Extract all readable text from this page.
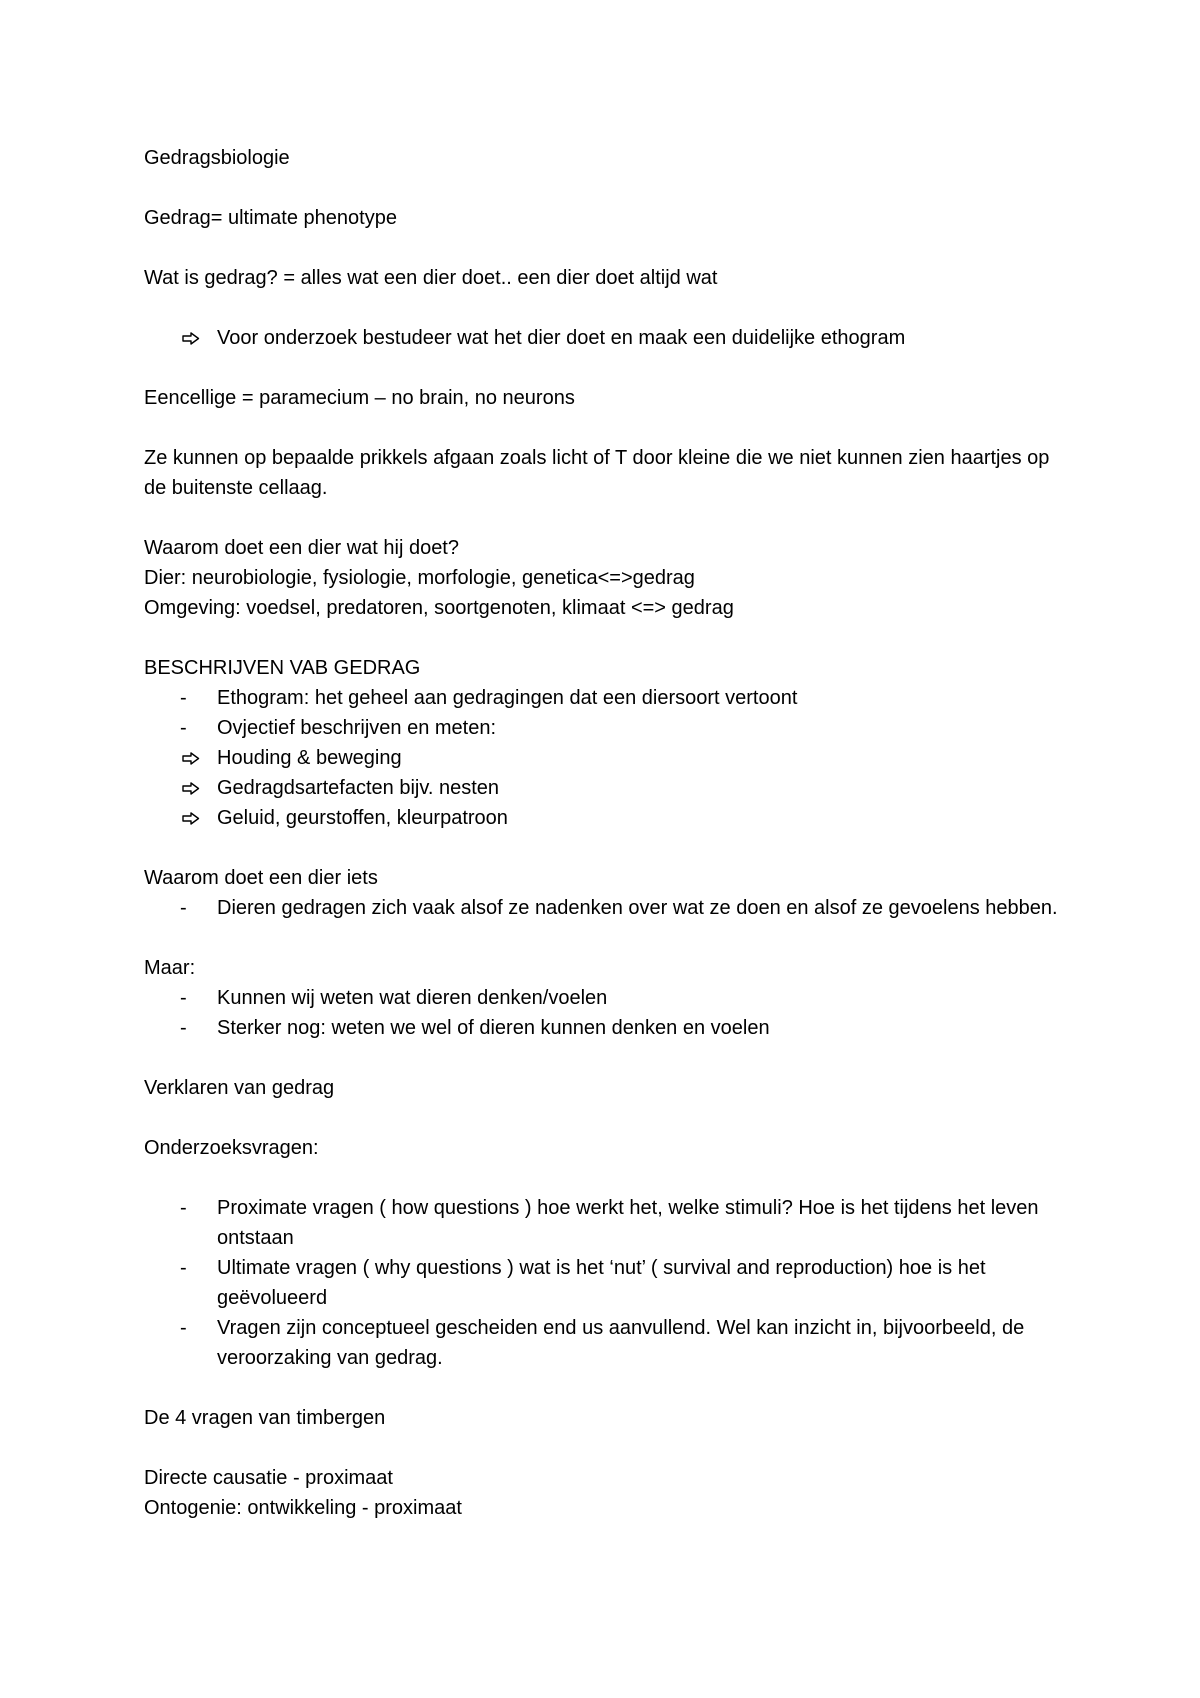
Gedragsbiologie

Gedrag= ultimate phenotype

Wat is gedrag? = alles wat een dier doet.. een dier doet altijd wat

Voor onderzoek bestudeer wat het dier doet en maak een duidelijke ethogram

Eencellige = paramecium – no brain, no neurons

Ze kunnen op bepaalde prikkels afgaan zoals licht of T door kleine die we niet kunnen zien haartjes op de buitenste cellaag.

Waarom doet een dier wat hij doet?

Dier: neurobiologie, fysiologie, morfologie, genetica<=>gedrag

Omgeving: voedsel, predatoren, soortgenoten, klimaat <=> gedrag

BESCHRIJVEN VAB GEDRAG

-	Ethogram: het geheel aan gedragingen dat een diersoort vertoont
-	Ovjectief beschrijven en meten:
Houding & beweging
Gedragdsartefacten bijv. nesten
Geluid, geurstoffen, kleurpatroon

Waarom doet een dier iets

-	Dieren gedragen zich vaak alsof ze nadenken over wat ze doen en alsof ze gevoelens hebben.

Maar:

-	Kunnen wij weten wat dieren denken/voelen
-	Sterker nog: weten we wel of dieren kunnen denken en voelen

Verklaren van gedrag

Onderzoeksvragen:

-	Proximate vragen ( how questions ) hoe werkt het, welke stimuli? Hoe is het tijdens het leven ontstaan
-	Ultimate vragen ( why questions ) wat is het ‘nut’ ( survival and reproduction) hoe is het geëvolueerd
-	Vragen zijn conceptueel gescheiden end us aanvullend. Wel kan inzicht in, bijvoorbeeld, de veroorzaking van gedrag.

De 4 vragen van timbergen

Directe causatie - proximaat

Ontogenie: ontwikkeling - proximaat
